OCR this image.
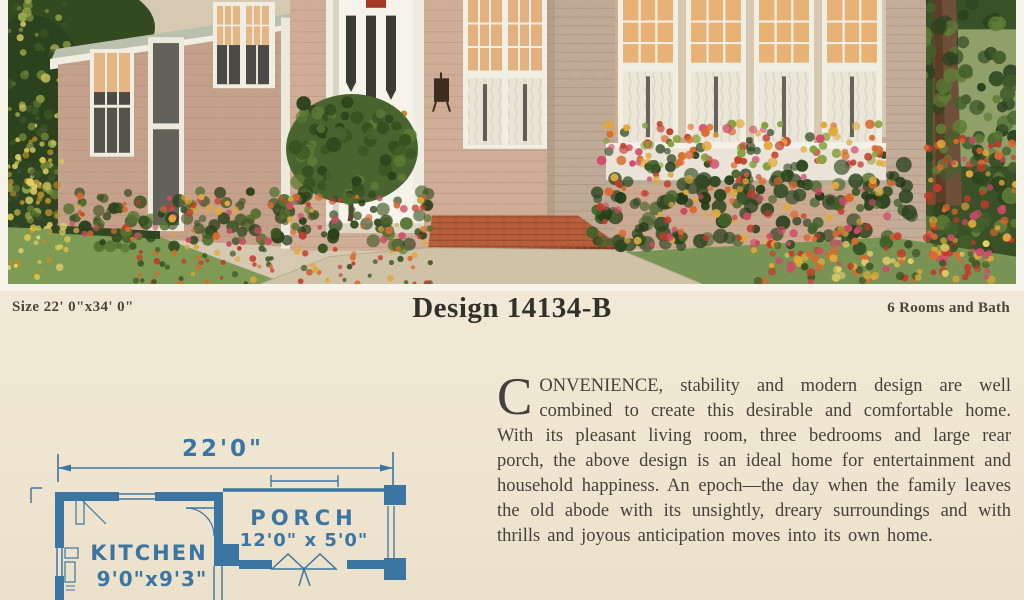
Size 22' 0"x34' 0"	Design 14134-B	6 Rooms and Bath
CONVENIENCE, stability and modern design are well combined to create this desirable and comfortable home. With its pleasant living room, three bedrooms and large rear porch, the above design is an ideal home for entertainment and household happiness. An epoch—the day when the family leaves the old abode with its unsightly, dreary surroundings and with thrills and joyous anticipation moves into its own home.
22'0"
PORCH
12'0" x 5'0"
KITCHEN
9'0"x9'3"
